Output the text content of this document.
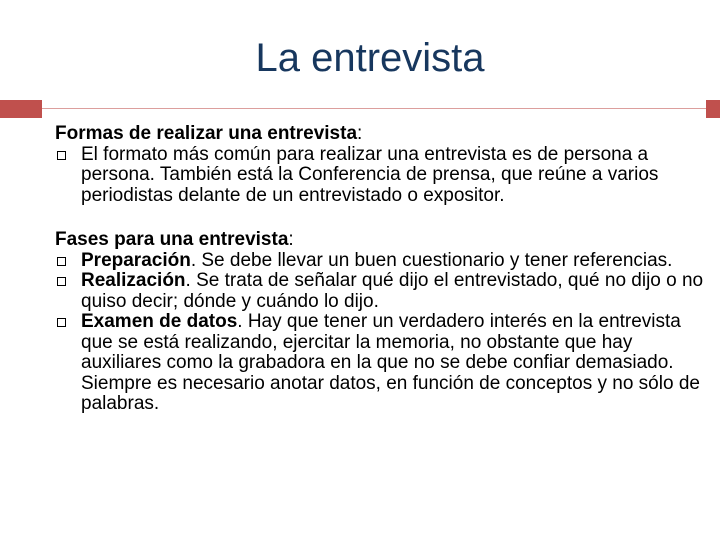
La entrevista

Formas de realizar una entrevista:

El formato más común para realizar una entrevista es de persona a persona. También está la Conferencia de prensa, que reúne a varios periodistas delante de un entrevistado o expositor.

Fases para una entrevista:

Preparación. Se debe llevar un buen cuestionario y tener referencias.
Realización. Se trata de señalar qué dijo el entrevistado, qué no dijo o no quiso decir; dónde y cuándo lo dijo.
Examen de datos. Hay que tener un verdadero interés en la entrevista que se está realizando, ejercitar la memoria, no obstante que hay auxiliares como la grabadora en la que no se debe confiar demasiado. Siempre es necesario anotar datos, en función de conceptos y no sólo de palabras.
